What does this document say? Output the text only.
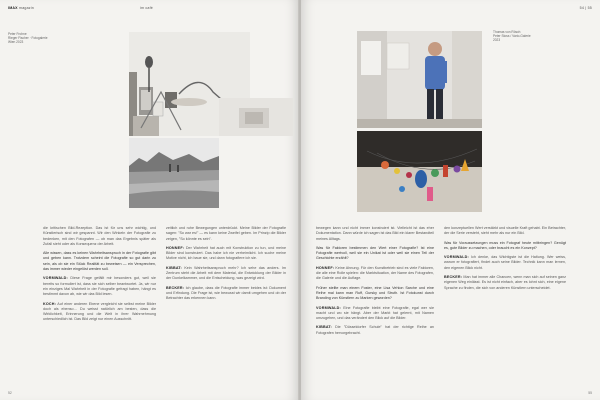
IMAX magazin	im café
Peter Frohne
Rieger Fischer · Fotogalerie
Wien 2023

die kritischen Bild-Rezeption. Das ist für uns sehr wichtig, und Künstlerisch sind wir gespannt. Wir den Winkeln der Fotografie zu bedenken, mit den Fotografen — ob man das Ergebnis später als Zufall sieht oder als Konsequenz der Arbeit.

Alle wissen, dass es keinen Wahrheitsanspruch in der Fotografie gibt und geben kann. Trotzdem scheint die Fotografie so gut darin zu sein, als ob sie ein Stück Realität zu beweisen — ein Versprechen, das immer wieder eingelöst werden soll.

VORMWALD: Diese Frage gefällt mir besonders gut, weil sie bereits so formuliert ist, dass sie sich selber beantwortet. Ja, wir nur ein einziges Mal Wahrheit in der Fotografie gefragt haben, hängt es bestimmt davon ab, wie wir das Bild lesen.

KOCH: Auf einer anderen Ebene vergleicht sie selbst meine Bilder doch als ebenso… Du weisst natürlich am besten, dass die Wirklichkeit, Erinnerung und die Welt in ihrer Wahrnehmung unterschiedlich ist. Das Bild zeigt nur einen Ausschnitt.

zeitlich und ruhe Bewegungen unterdrückt. Meine Bilder der Fotografie sagen: "So war es!" — es kann keine Zweifel geben. Im Prinzip die Bilder zeigen, "So könnte es sein".

HONNEF: Der Wahrheit hat auch mit Konstruktion zu tun, und meine Bilder sind konstruiert. Das habe ich nie verheimlicht. Ich suche meine Motive nicht, ich baue sie, und dann fotografiere ich sie.

KIBBAT: Kein Wahrheitsanspruch mehr? Ich sehe das anders. Im Zentrum steht die Arbeit mit dem Material, die Entwicklung der Bilder in der Dunkelkammer, und die Entscheidung, was gezeigt wird.

BECKER: Ich glaube, dass die Fotografie immer beides ist: Dokument und Erfindung. Die Frage ist, wie bewusst wir damit umgehen und ob der Betrachter das erkennen kann.

52
54 | 55
Thomas von Rösch
Peter Stoss / Vario-Galerie
2023

bewegen kann und nicht immer konstruiert ist. Vielleicht ist das eher Dokumentation. Dann würde ich sagen ist das Bild ein klarer Bestandteil meines Alltags.

Was für Faktoren bestimmen den Wert einer Fotografie? Ist eine Fotografie wertvoll, weil sie ein Unikat ist oder weil sie einen Teil der Geschichte erzählt?

HONNEF: Keine Ahnung. Für den Kunstbetrieb sind es viele Faktoren, die alle eine Rolle spielen: die Marktsituation, der Name des Fotografen, die Galerie und die Auflage.

Früher stellte man einem Foster, eine Lisa Vehlon Sarche und eine Reihe mal kann man Ruff, Gursky und Struth. Ist Fotokunst durch Branding von Künstlern zu Marken geworden?

VORMWALD: Eine Fotografie bleibt eine Fotografie, egal wer sie macht und wo sie hängt. Aber der Markt hat gelernt, mit Namen umzugehen, und das verändert den Blick auf die Bilder.

KIBBAT: Die "Düsseldorfer Schule" hat der richtige Reihe an Fotografen hervorgebracht.

den konzeptuellen Wert verstärkt und visuelle Kraft gehabt. Ein Betrachter, der die Serie versteht, sieht mehr als nur ein Bild.

Was für Voraussetzungen muss ein Fotograf heute mitbringen? Genügt es, gute Bilder zu machen, oder braucht es ein Konzept?

VORMWALD: Ich denke, das Wichtigste ist die Haltung. Wer weiss, warum er fotografiert, findet auch seine Bilder. Technik kann man lernen, den eigenen Blick nicht.

BECKER: Man hat immer alle Chancen, wenn man sich auf seinen ganz eigenen Weg einlässt. Es ist nicht einfach, aber es lohnt sich, eine eigene Sprache zu finden, die sich von anderen Künstlern unterscheidet.

55
